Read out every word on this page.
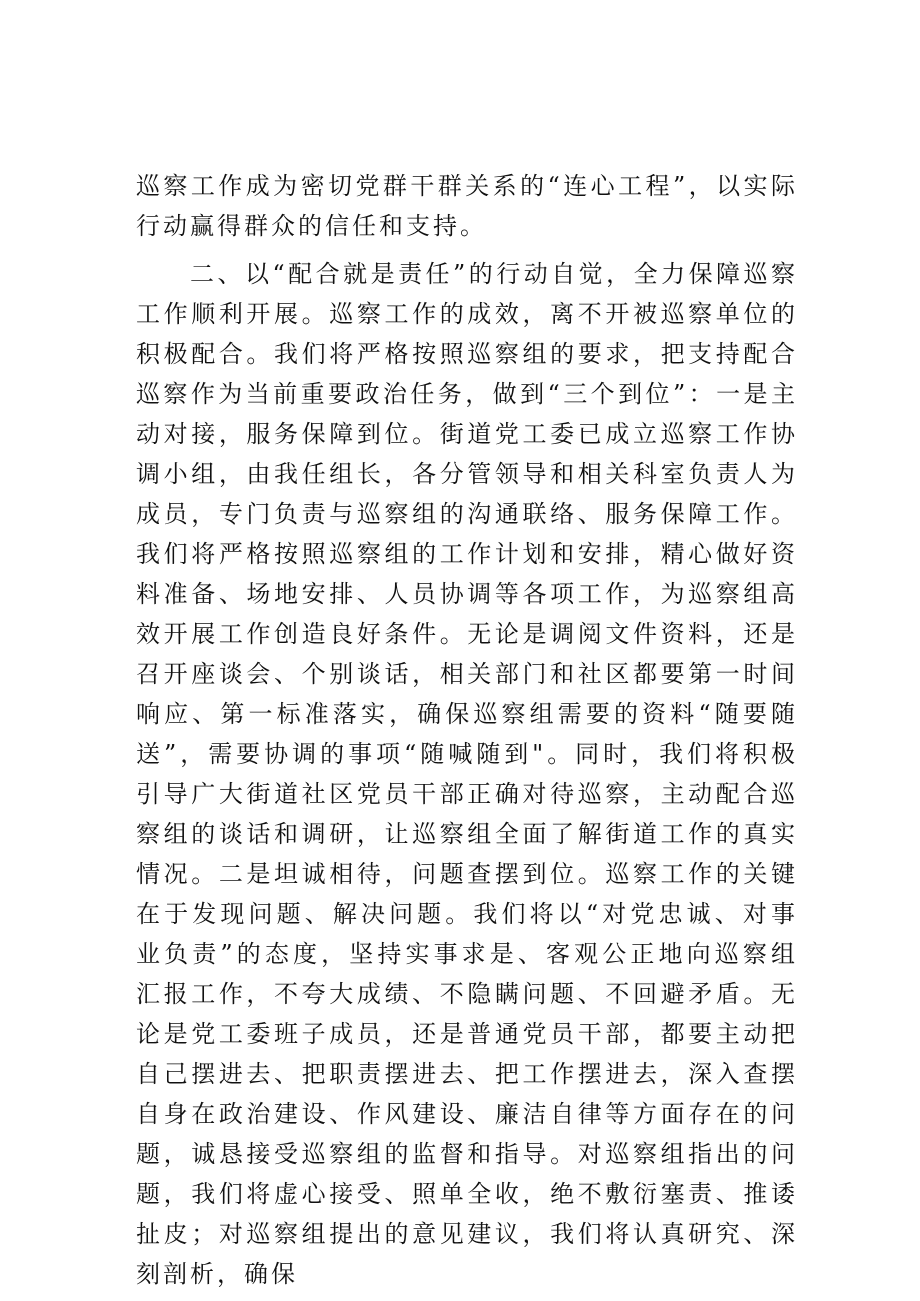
巡察工作成为密切党群干群关系的“连心工程”，以实际行动赢得群众的信任和支持。

二、以“配合就是责任”的行动自觉，全力保障巡察工作顺利开展。巡察工作的成效，离不开被巡察单位的积极配合。我们将严格按照巡察组的要求，把支持配合巡察作为当前重要政治任务，做到“三个到位”：一是主动对接，服务保障到位。街道党工委已成立巡察工作协调小组，由我任组长，各分管领导和相关科室负责人为成员，专门负责与巡察组的沟通联络、服务保障工作。我们将严格按照巡察组的工作计划和安排，精心做好资料准备、场地安排、人员协调等各项工作，为巡察组高效开展工作创造良好条件。无论是调阅文件资料，还是召开座谈会、个别谈话，相关部门和社区都要第一时间响应、第一标准落实，确保巡察组需要的资料“随要随送”，需要协调的事项“随喊随到"。同时，我们将积极引导广大街道社区党员干部正确对待巡察，主动配合巡察组的谈话和调研，让巡察组全面了解街道工作的真实情况。二是坦诚相待，问题查摆到位。巡察工作的关键在于发现问题、解决问题。我们将以“对党忠诚、对事业负责”的态度，坚持实事求是、客观公正地向巡察组汇报工作，不夸大成绩、不隐瞒问题、不回避矛盾。无论是党工委班子成员，还是普通党员干部，都要主动把自己摆进去、把职责摆进去、把工作摆进去，深入查摆自身在政治建设、作风建设、廉洁自律等方面存在的问题，诚恳接受巡察组的监督和指导。对巡察组指出的问题，我们将虚心接受、照单全收，绝不敷衍塞责、推诿扯皮；对巡察组提出的意见建议，我们将认真研究、深刻剖析，确保
